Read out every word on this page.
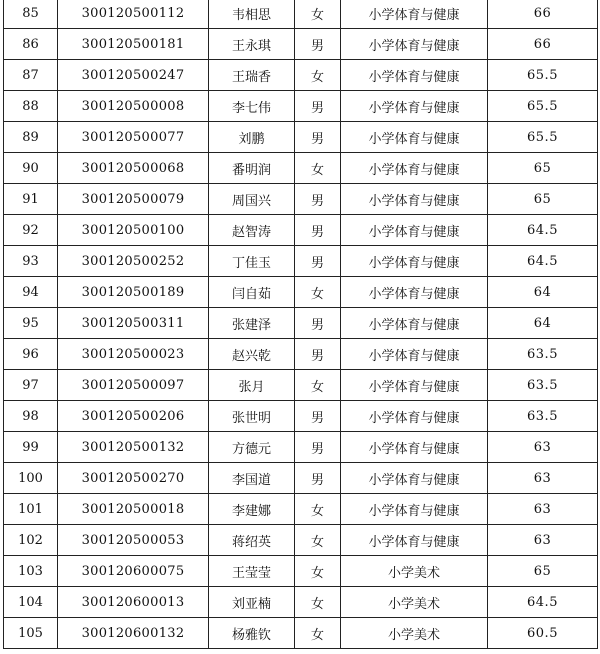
85	300120500112	韦相思	女	小学体育与健康	66
86	300120500181	王永琪	男	小学体育与健康	66
87	300120500247	王瑞香	女	小学体育与健康	65.5
88	300120500008	李七伟	男	小学体育与健康	65.5
89	300120500077	刘鹏	男	小学体育与健康	65.5
90	300120500068	番明润	女	小学体育与健康	65
91	300120500079	周国兴	男	小学体育与健康	65
92	300120500100	赵智涛	男	小学体育与健康	64.5
93	300120500252	丁佳玉	男	小学体育与健康	64.5
94	300120500189	闫自茹	女	小学体育与健康	64
95	300120500311	张建泽	男	小学体育与健康	64
96	300120500023	赵兴乾	男	小学体育与健康	63.5
97	300120500097	张月	女	小学体育与健康	63.5
98	300120500206	张世明	男	小学体育与健康	63.5
99	300120500132	方德元	男	小学体育与健康	63
100	300120500270	李国道	男	小学体育与健康	63
101	300120500018	李建娜	女	小学体育与健康	63
102	300120500053	蒋绍英	女	小学体育与健康	63
103	300120600075	王莹莹	女	小学美术	65
104	300120600013	刘亚楠	女	小学美术	64.5
105	300120600132	杨雅钦	女	小学美术	60.5
